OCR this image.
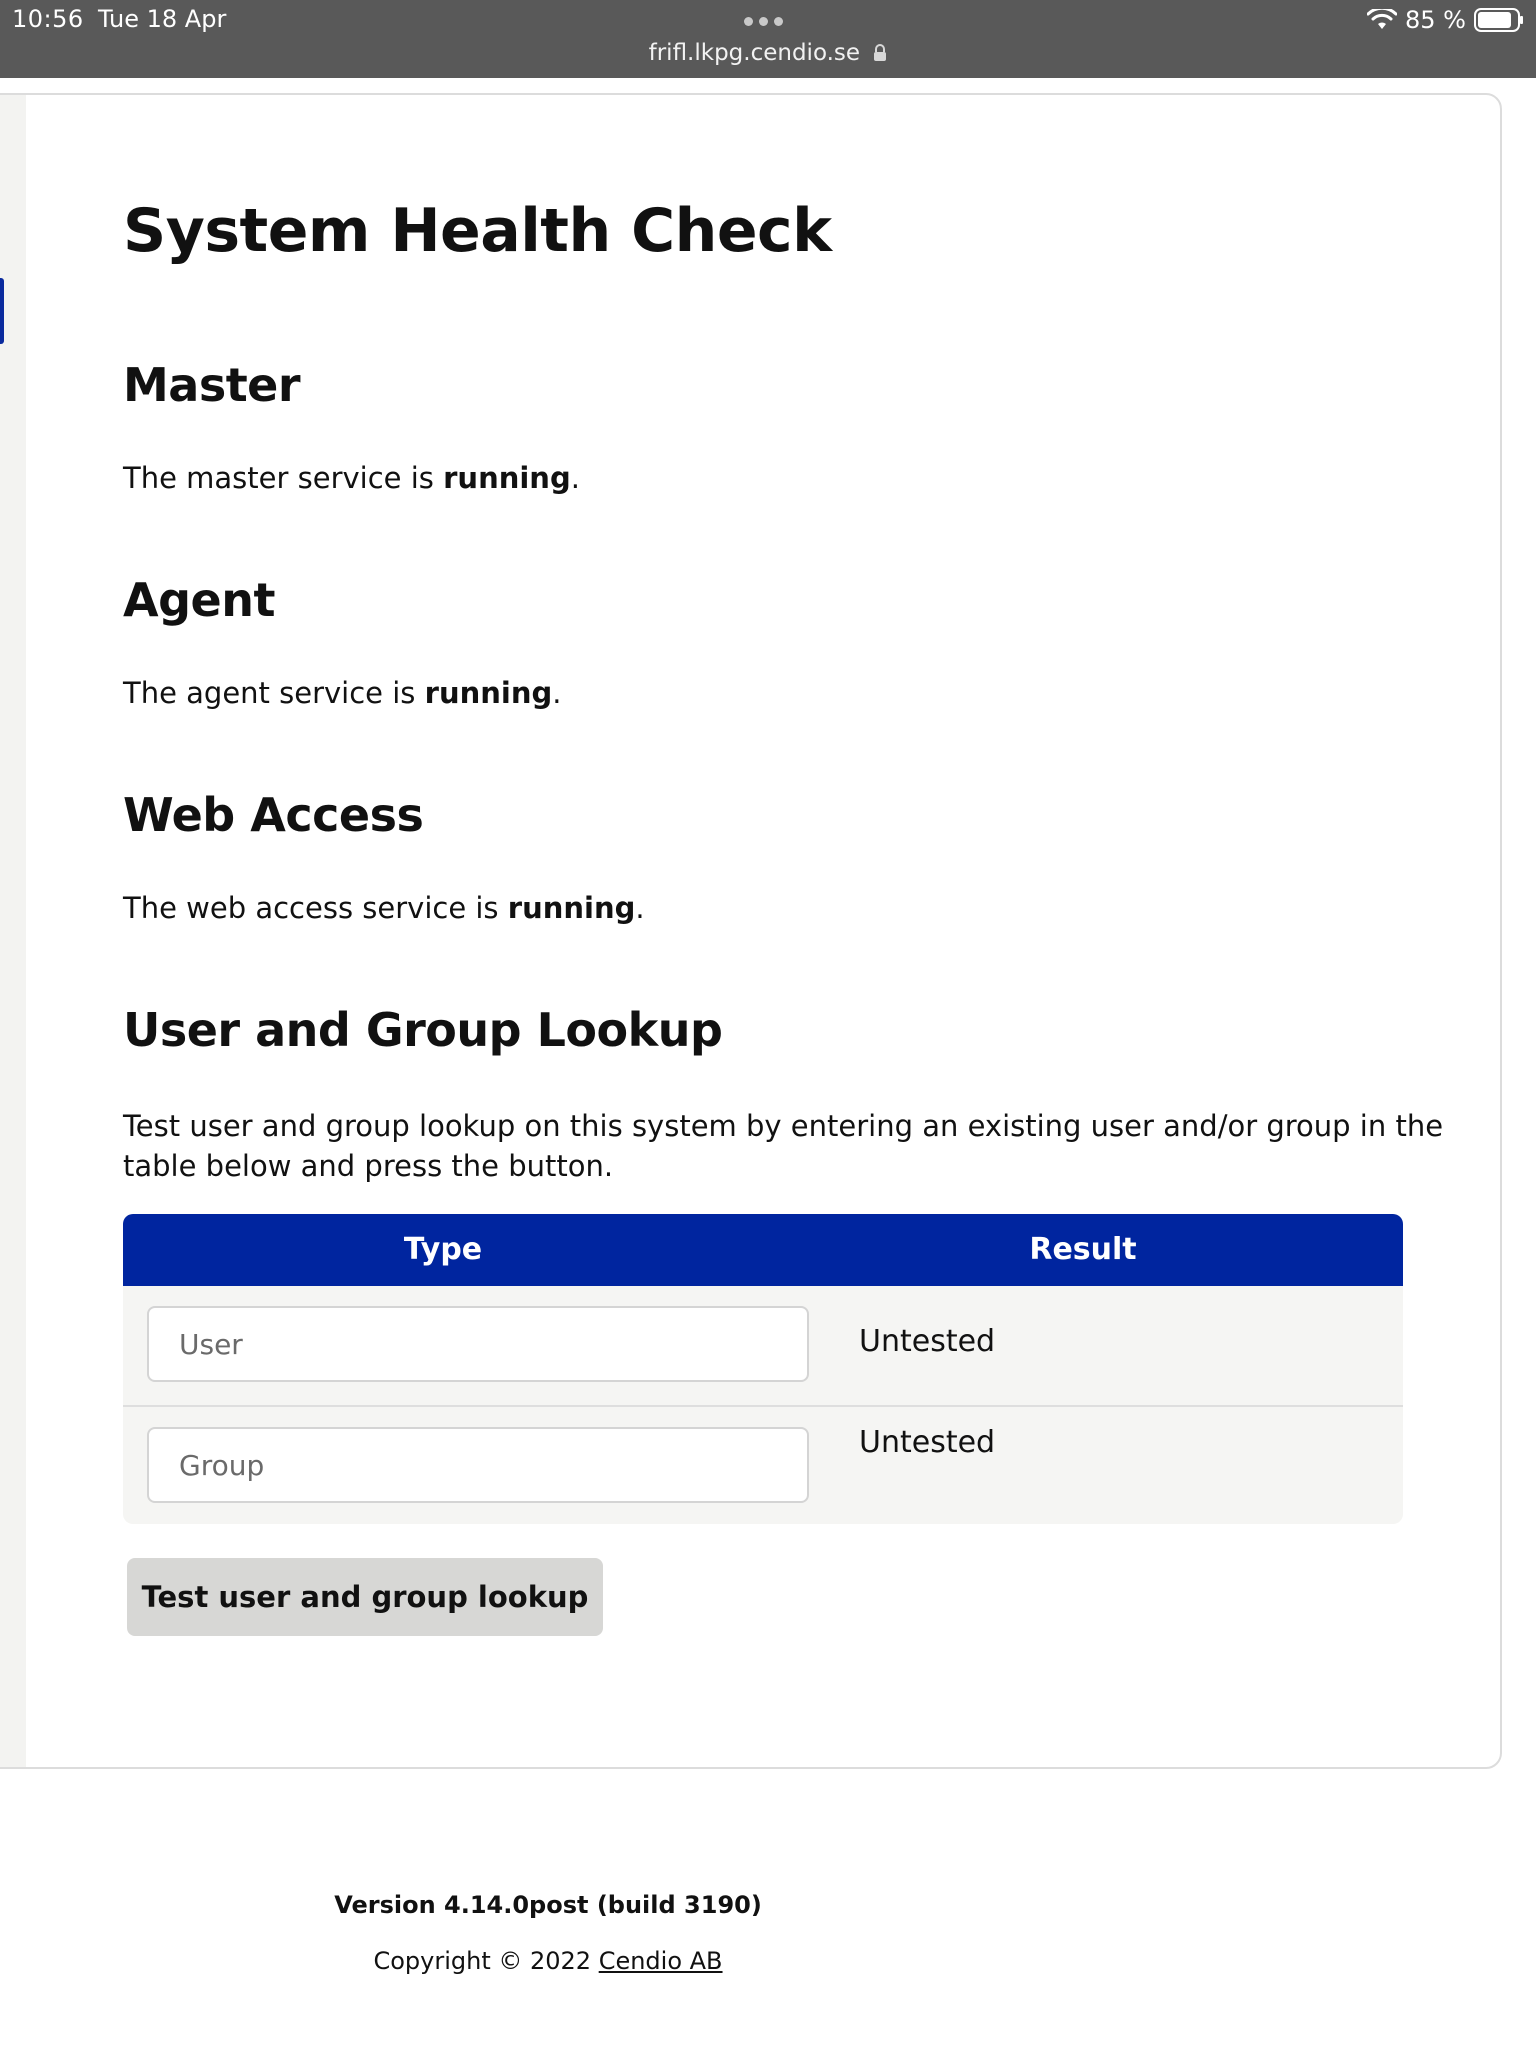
10:56 Tue 18 Apr
frifl.lkpg.cendio.se
85 %
System Health Check
Master

The master service is running.

Agent

The agent service is running.

Web Access

The web access service is running.

User and Group Lookup

Test user and group lookup on this system by entering an existing user and/or group in the
table below and press the button.

Type	Result
User
Untested
Group
Untested
Test user and group lookup
Version 4.14.0post (build 3190)
Copyright © 2022 Cendio AB
